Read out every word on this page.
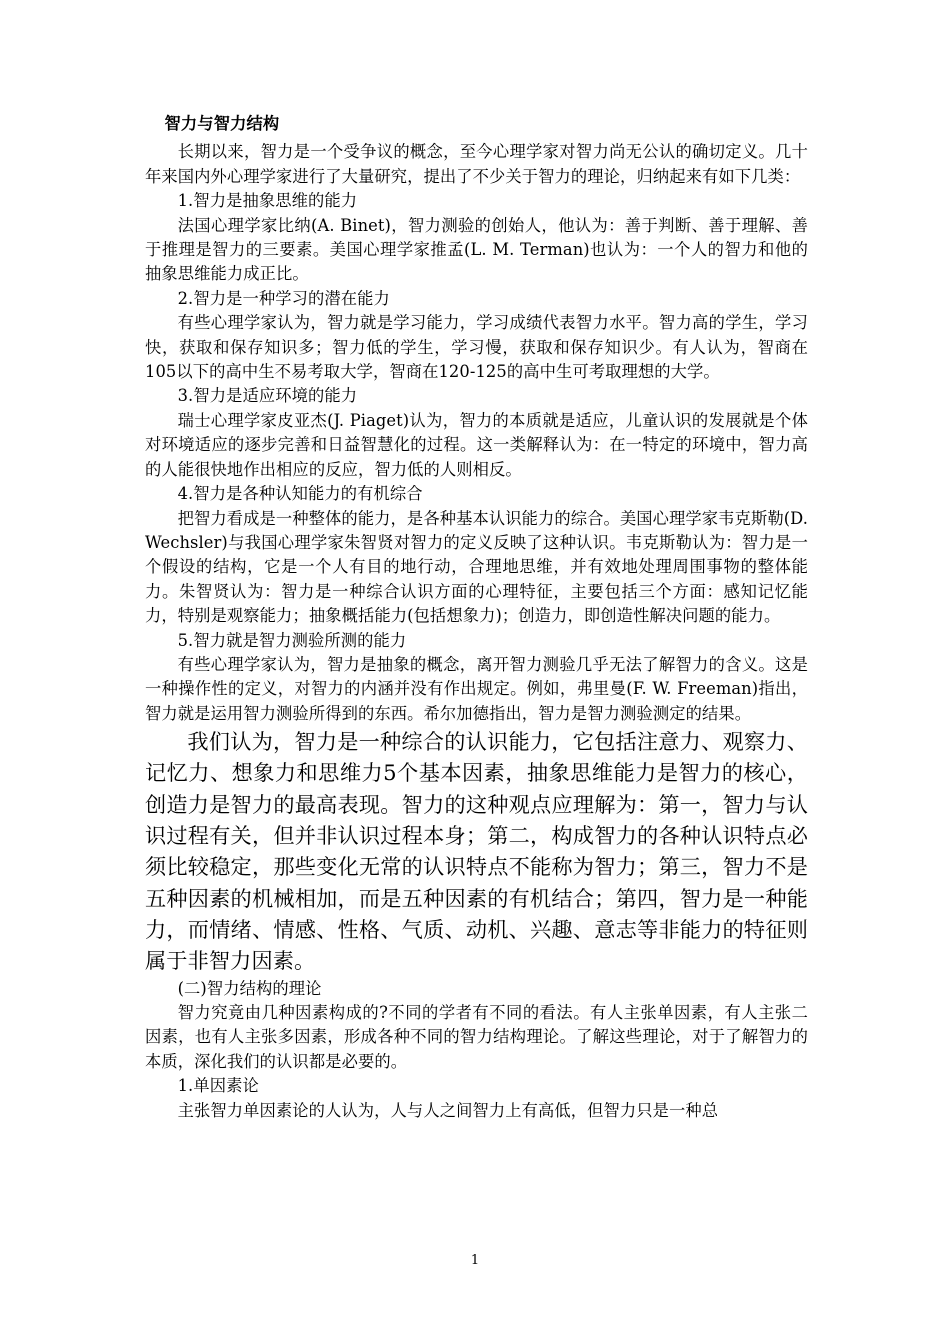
智力与智力结构

长期以来，智力是一个受争议的概念，至今心理学家对智力尚无公认的确切定义。几十年来国内外心理学家进行了大量研究，提出了不少关于智力的理论，归纳起来有如下几类：

1.智力是抽象思维的能力

法国心理学家比纳(A. Binet)，智力测验的创始人，他认为：善于判断、善于理解、善于推理是智力的三要素。美国心理学家推孟(L. M. Terman)也认为：一个人的智力和他的抽象思维能力成正比。

2.智力是一种学习的潜在能力

有些心理学家认为，智力就是学习能力，学习成绩代表智力水平。智力高的学生，学习快，获取和保存知识多；智力低的学生，学习慢，获取和保存知识少。有人认为，智商在105以下的高中生不易考取大学，智商在120-125的高中生可考取理想的大学。

3.智力是适应环境的能力

瑞士心理学家皮亚杰(J. Piaget)认为，智力的本质就是适应，儿童认识的发展就是个体对环境适应的逐步完善和日益智慧化的过程。这一类解释认为：在一特定的环境中，智力高的人能很快地作出相应的反应，智力低的人则相反。

4.智力是各种认知能力的有机综合

把智力看成是一种整体的能力，是各种基本认识能力的综合。美国心理学家韦克斯勒(D. Wechsler)与我国心理学家朱智贤对智力的定义反映了这种认识。韦克斯勒认为：智力是一个假设的结构，它是一个人有目的地行动，合理地思维，并有效地处理周围事物的整体能力。朱智贤认为：智力是一种综合认识方面的心理特征，主要包括三个方面：感知记忆能力，特别是观察能力；抽象概括能力(包括想象力)；创造力，即创造性解决问题的能力。

5.智力就是智力测验所测的能力

有些心理学家认为，智力是抽象的概念，离开智力测验几乎无法了解智力的含义。这是一种操作性的定义，对智力的内涵并没有作出规定。例如，弗里曼(F. W. Freeman)指出，智力就是运用智力测验所得到的东西。希尔加德指出，智力是智力测验测定的结果。

我们认为，智力是一种综合的认识能力，它包括注意力、观察力、记忆力、想象力和思维力5个基本因素，抽象思维能力是智力的核心，创造力是智力的最高表现。智力的这种观点应理解为：第一，智力与认识过程有关，但并非认识过程本身；第二，构成智力的各种认识特点必须比较稳定，那些变化无常的认识特点不能称为智力；第三，智力不是五种因素的机械相加，而是五种因素的有机结合；第四，智力是一种能力，而情绪、情感、性格、气质、动机、兴趣、意志等非能力的特征则属于非智力因素。

(二)智力结构的理论

智力究竟由几种因素构成的?不同的学者有不同的看法。有人主张单因素，有人主张二因素，也有人主张多因素，形成各种不同的智力结构理论。了解这些理论，对于了解智力的本质，深化我们的认识都是必要的。

1.单因素论

主张智力单因素论的人认为，人与人之间智力上有高低，但智力只是一种总

1
